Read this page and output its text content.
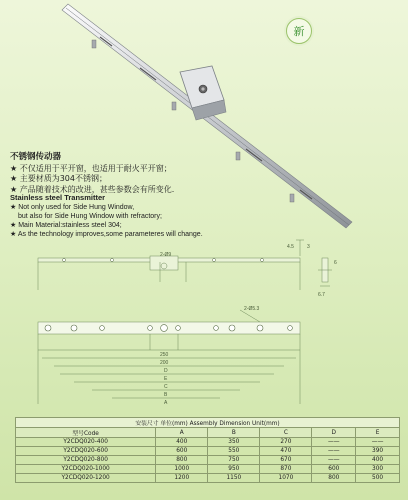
新
不锈钢传动器
★ 不仅适用于平开窗，也适用于耐火平开窗；
★ 主要材质为304不锈钢；
★ 产品随着技术的改进，甚些参数会有所变化.
Stainless steel Transmitter
★ Not only used for Side Hung Window,
but also for Side Hung Window with refractory;
★ Main Material:stainless steel 304;
★ As the technology improves,some parameteres will change.
4.5	3
6
6.7
2-Ø9
2-Ø5.3
250
200
D
E
C
B
A
安装尺寸 单位(mm) Assembly Dimension Unit(mm)					
型号Code	A	B	C	D	E
Y2CDQ020-400	400	350	270	——	——
Y2CDQ020-600	600	550	470	——	390
Y2CDQ020-800	800	750	670	——	400
Y2CDQ020-1000	1000	950	870	600	300
Y2CDQ020-1200	1200	1150	1070	800	500
